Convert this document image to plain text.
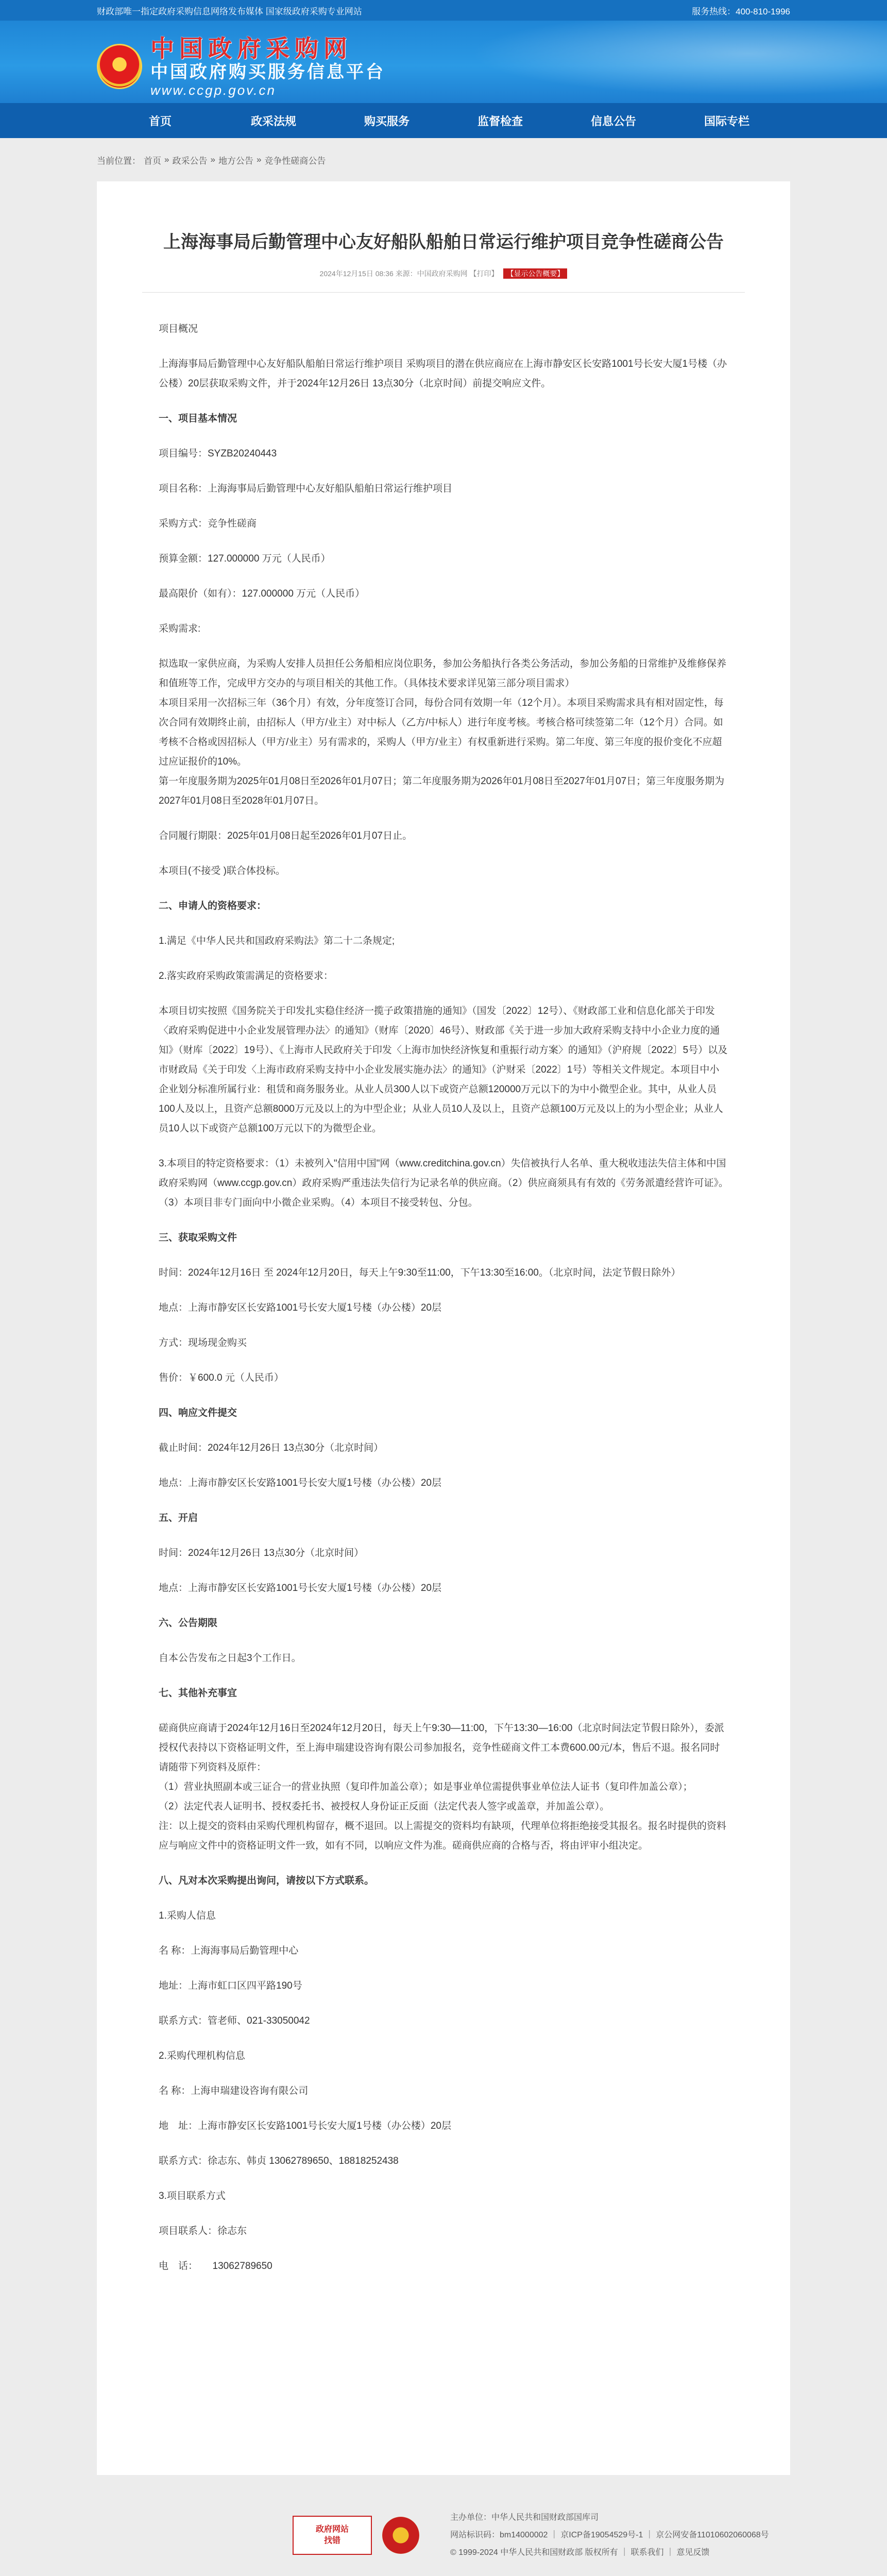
财政部唯一指定政府采购信息网络发布媒体 国家级政府采购专业网站	服务热线：400-810-1996
中国政府采购网
中国政府购买服务信息平台
www.ccgp.gov.cn
首页	政采法规	购买服务	监督检查	信息公告	国际专栏
当前位置： 首页 » 政采公告 » 地方公告 » 竞争性磋商公告
上海海事局后勤管理中心友好船队船舶日常运行维护项目竞争性磋商公告
2024年12月15日 08:36 来源：中国政府采购网 【打印】 【显示公告概要】

项目概况

上海海事局后勤管理中心友好船队船舶日常运行维护项目 采购项目的潜在供应商应在上海市静安区长安路1001号长安大厦1号楼（办公楼）20层获取采购文件，并于2024年12月26日 13点30分（北京时间）前提交响应文件。

一、项目基本情况

项目编号：SYZB20240443

项目名称：上海海事局后勤管理中心友好船队船舶日常运行维护项目

采购方式：竞争性磋商

预算金额：127.000000 万元（人民币）

最高限价（如有）：127.000000 万元（人民币）

采购需求:

拟选取一家供应商，为采购人安排人员担任公务船相应岗位职务，参加公务船执行各类公务活动，参加公务船的日常维护及维修保养和值班等工作，完成甲方交办的与项目相关的其他工作。（具体技术要求详见第三部分项目需求）

本项目采用一次招标三年（36个月）有效，分年度签订合同，每份合同有效期一年（12个月）。本项目采购需求具有相对固定性，每次合同有效期终止前，由招标人（甲方/业主）对中标人（乙方/中标人）进行年度考核。考核合格可续签第二年（12个月）合同。如考核不合格或因招标人（甲方/业主）另有需求的，采购人（甲方/业主）有权重新进行采购。第二年度、第三年度的报价变化不应超过应证报价的10%。

第一年度服务期为2025年01月08日至2026年01月07日；第二年度服务期为2026年01月08日至2027年01月07日；第三年度服务期为2027年01月08日至2028年01月07日。

合同履行期限：2025年01月08日起至2026年01月07日止。

本项目(不接受 )联合体投标。

二、申请人的资格要求：

1.满足《中华人民共和国政府采购法》第二十二条规定;

2.落实政府采购政策需满足的资格要求：

本项目切实按照《国务院关于印发扎实稳住经济一揽子政策措施的通知》（国发〔2022〕12号）、《财政部工业和信息化部关于印发〈政府采购促进中小企业发展管理办法〉的通知》（财库〔2020〕46号）、财政部《关于进一步加大政府采购支持中小企业力度的通知》（财库〔2022〕19号）、《上海市人民政府关于印发〈上海市加快经济恢复和重振行动方案〉的通知》（沪府规〔2022〕5号）以及市财政局《关于印发〈上海市政府采购支持中小企业发展实施办法〉的通知》（沪财采〔2022〕1号）等相关文件规定。本项目中小企业划分标准所属行业：租赁和商务服务业。从业人员300人以下或资产总额120000万元以下的为中小微型企业。其中，从业人员100人及以上，且资产总额8000万元及以上的为中型企业；从业人员10人及以上，且资产总额100万元及以上的为小型企业；从业人员10人以下或资产总额100万元以下的为微型企业。

3.本项目的特定资格要求：（1）未被列入"信用中国"网（www.creditchina.gov.cn）失信被执行人名单、重大税收违法失信主体和中国政府采购网（www.ccgp.gov.cn）政府采购严重违法失信行为记录名单的供应商。（2）供应商须具有有效的《劳务派遣经营许可证》。（3）本项目非专门面向中小微企业采购。（4）本项目不接受转包、分包。

三、获取采购文件

时间：2024年12月16日 至 2024年12月20日，每天上午9:30至11:00，下午13:30至16:00。（北京时间，法定节假日除外）

地点：上海市静安区长安路1001号长安大厦1号楼（办公楼）20层

方式：现场现金购买

售价：￥600.0 元（人民币）

四、响应文件提交

截止时间：2024年12月26日 13点30分（北京时间）

地点：上海市静安区长安路1001号长安大厦1号楼（办公楼）20层

五、开启

时间：2024年12月26日 13点30分（北京时间）

地点：上海市静安区长安路1001号长安大厦1号楼（办公楼）20层

六、公告期限

自本公告发布之日起3个工作日。

七、其他补充事宜

磋商供应商请于2024年12月16日至2024年12月20日，每天上午9:30—11:00，下午13:30—16:00（北京时间法定节假日除外），委派授权代表持以下资格证明文件，至上海申瑞建设咨询有限公司参加报名，竞争性磋商文件工本费600.00元/本，售后不退。报名同时请随带下列资料及原件：

（1）营业执照副本或三证合一的营业执照（复印件加盖公章）；如是事业单位需提供事业单位法人证书（复印件加盖公章）；

（2）法定代表人证明书、授权委托书、被授权人身份证正反面（法定代表人签字或盖章，并加盖公章）。

注：以上提交的资料由采购代理机构留存，概不退回。以上需提交的资料均有缺项，代理单位将拒绝接受其报名。报名时提供的资料应与响应文件中的资格证明文件一致，如有不同，以响应文件为准。磋商供应商的合格与否，将由评审小组决定。

八、凡对本次采购提出询问，请按以下方式联系。

1.采购人信息

名 称：上海海事局后勤管理中心

地址：上海市虹口区四平路190号

联系方式：管老师、021-33050042

2.采购代理机构信息

名 称：上海申瑞建设咨询有限公司

地　址：上海市静安区长安路1001号长安大厦1号楼（办公楼）20层

联系方式：徐志东、韩贞 13062789650、18818252438

3.项目联系方式

项目联系人：徐志东

电　话：　　13062789650

政府网站
找错
主办单位：中华人民共和国财政部国库司
网站标识码：bm14000002 ｜ 京ICP备19054529号-1 ｜ 京公网安备11010602060068号
© 1999-2024 中华人民共和国财政部 版权所有 ｜ 联系我们 ｜ 意见反馈
